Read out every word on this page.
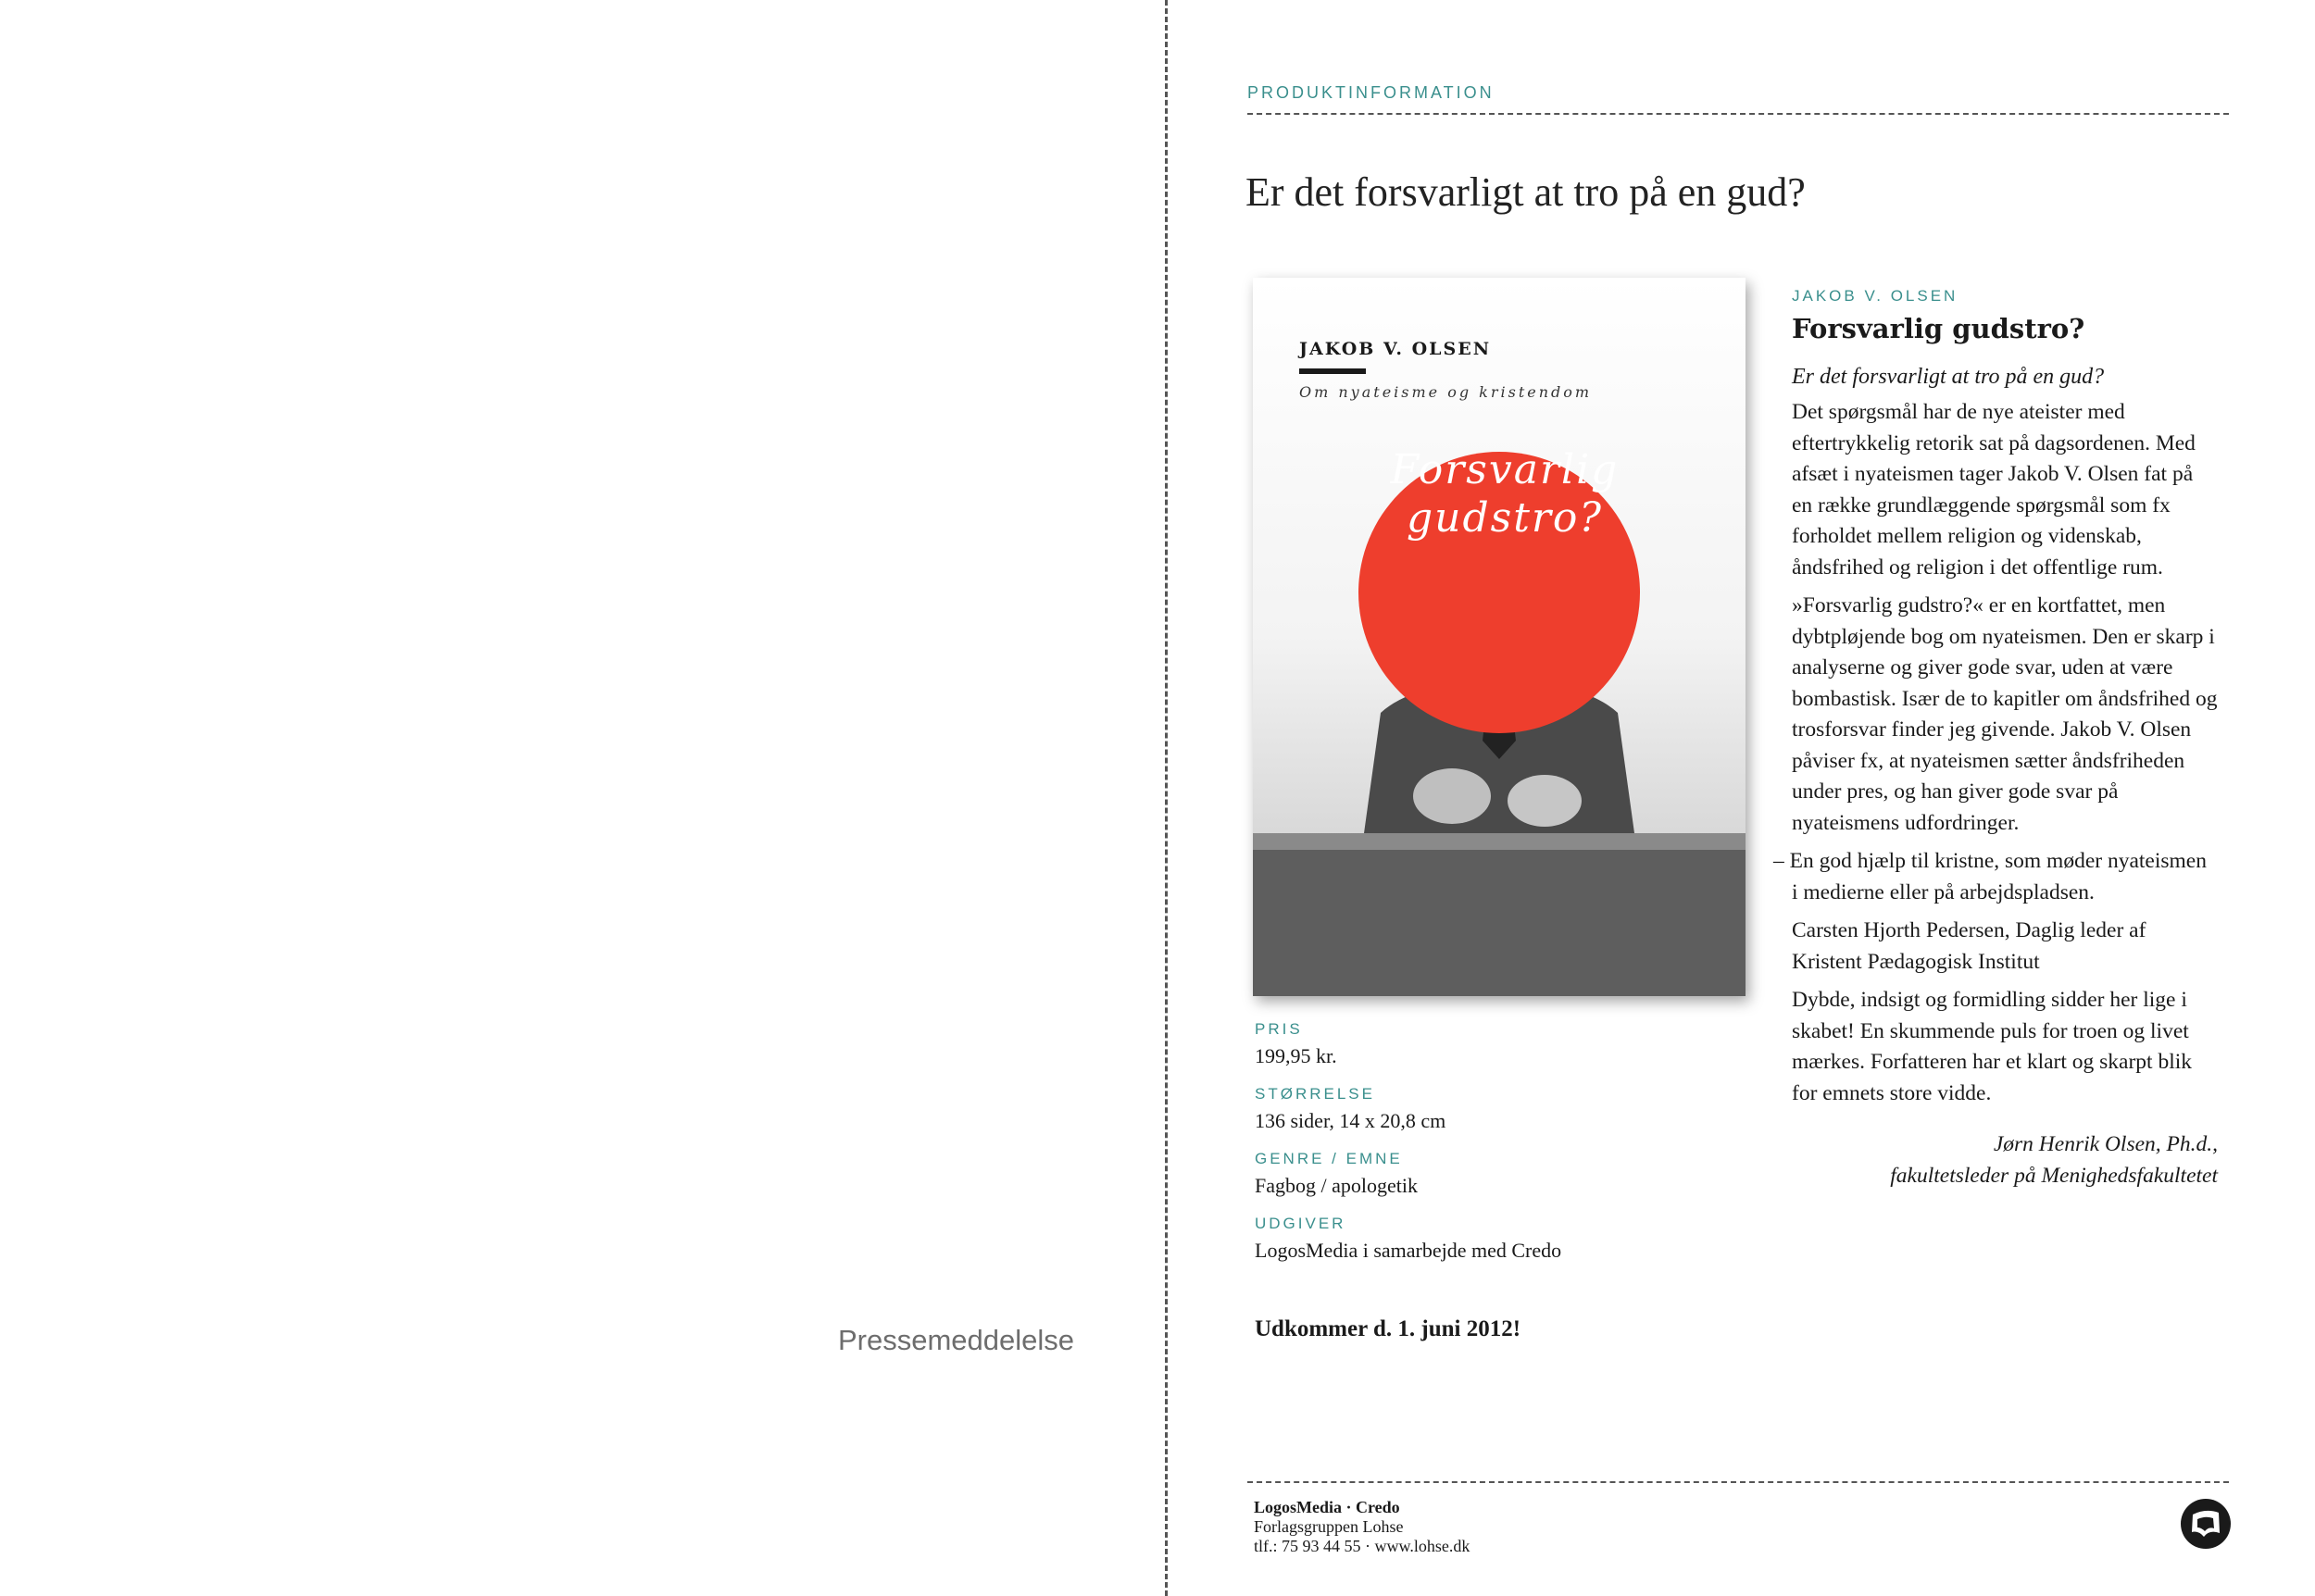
Pressemeddelelse
PRODUKTINFORMATION
Er det forsvarligt at tro på en gud?
JAKOB V. OLSEN
Om nyateisme og kristendom
Forsvarlig
gudstro?
PRIS
199,95 kr.
STØRRELSE
136 sider, 14 x 20,8 cm
GENRE / EMNE
Fagbog / apologetik
UDGIVER
LogosMedia i samarbejde med Credo
Udkommer d. 1. juni 2012!
JAKOB V. OLSEN
Forsvarlig gudstro?
Er det forsvarligt at tro på en gud?

Det spørgsmål har de nye ateister med eftertrykkelig retorik sat på dagsordenen. Med afsæt i nyateismen tager Jakob V. Olsen fat på en række grundlæggende spørgsmål som fx forholdet mellem religion og videnskab, åndsfrihed og religion i det offentlige rum.

»Forsvarlig gudstro?« er en kortfattet, men dybtpløjende bog om nyateismen. Den er skarp i analyserne og giver gode svar, uden at være bombastisk. Især de to kapitler om åndsfrihed og trosforsvar finder jeg givende. Jakob V. Olsen påviser fx, at nyateismen sætter åndsfriheden under pres, og han giver gode svar på nyateismens udfordringer.

– En god hjælp til kristne, som møder nyateismen i medierne eller på arbejdspladsen.

Carsten Hjorth Pedersen, Daglig leder af Kristent Pædagogisk Institut

Dybde, indsigt og formidling sidder her lige i skabet! En skummende puls for troen og livet mærkes. Forfatteren har et klart og skarpt blik for emnets store vidde.

Jørn Henrik Olsen, Ph.d.,
fakultetsleder på Menighedsfakultetet

LogosMedia · Credo
Forlagsgruppen Lohse
tlf.: 75 93 44 55 · www.lohse.dk
